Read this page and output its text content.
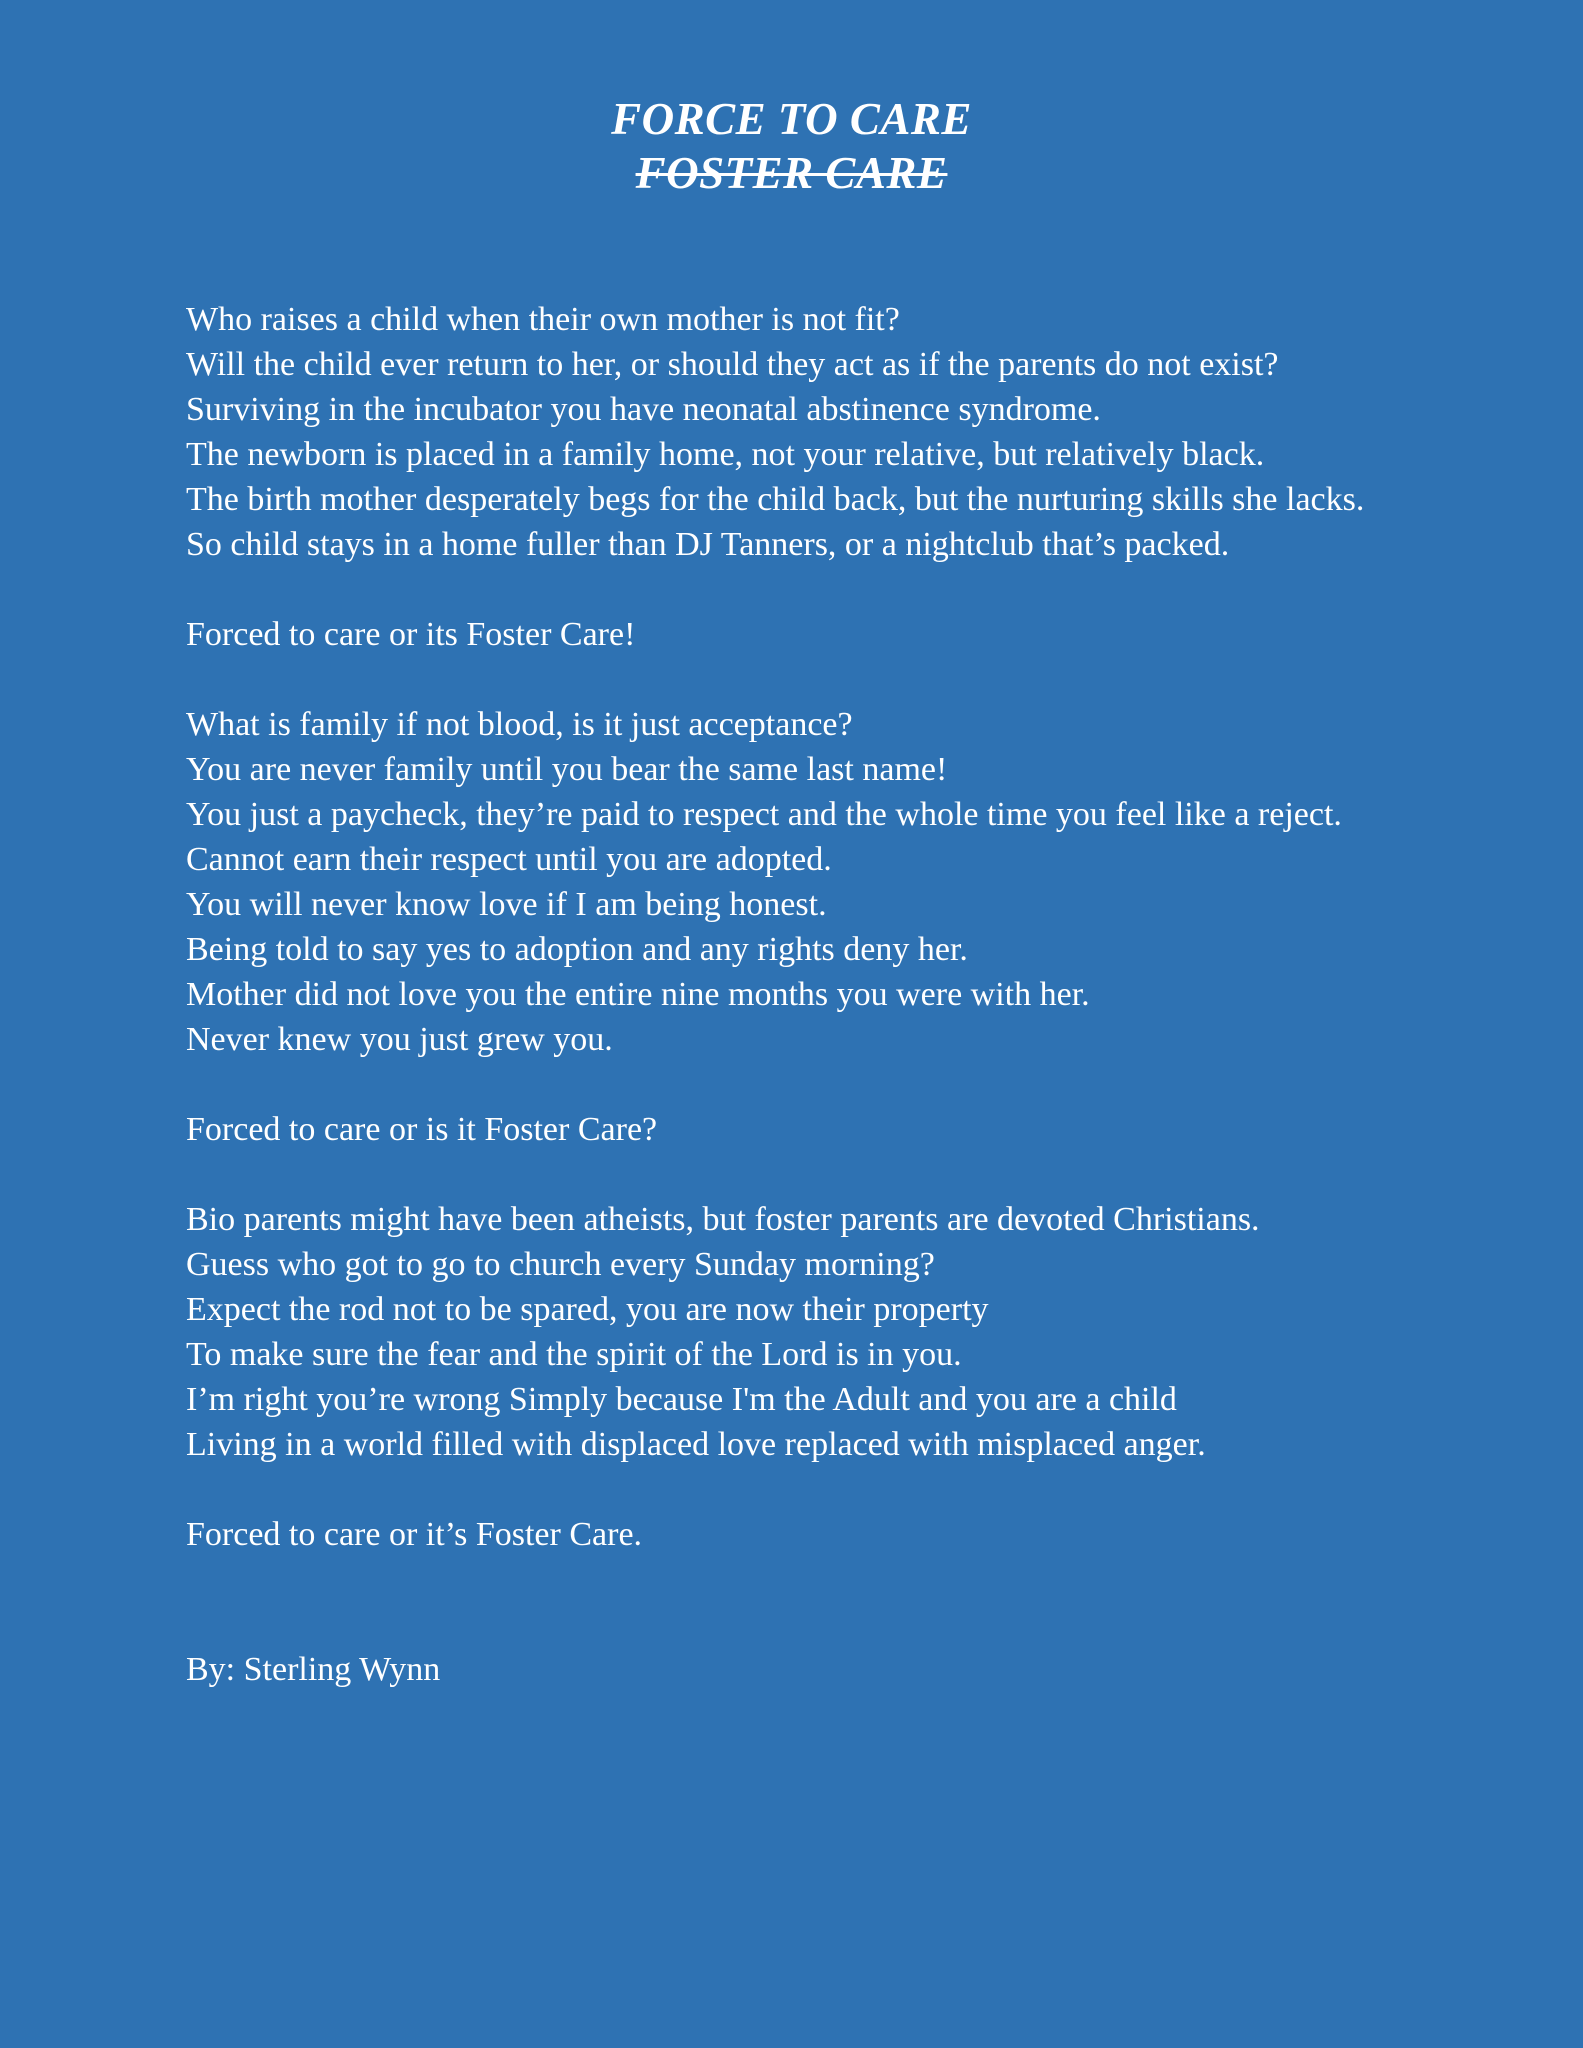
FORCE TO CARE
FOSTER CARE

Who raises a child when their own mother is not fit?

Will the child ever return to her, or should they act as if the parents do not exist?

Surviving in the incubator you have neonatal abstinence syndrome.

The newborn is placed in a family home, not your relative, but relatively black.

The birth mother desperately begs for the child back, but the nurturing skills she lacks.

So child stays in a home fuller than DJ Tanners, or a nightclub that’s packed.

Forced to care or its Foster Care!

What is family if not blood, is it just acceptance?

You are never family until you bear the same last name!

You just a paycheck, they’re paid to respect and the whole time you feel like a reject.

Cannot earn their respect until you are adopted.

You will never know love if I am being honest.

Being told to say yes to adoption and any rights deny her.

Mother did not love you the entire nine months you were with her.

Never knew you just grew you.

Forced to care or is it Foster Care?

Bio parents might have been atheists, but foster parents are devoted Christians.

Guess who got to go to church every Sunday morning?

Expect the rod not to be spared, you are now their property

To make sure the fear and the spirit of the Lord is in you.

I’m right you’re wrong Simply because I'm the Adult and you are a child

Living in a world filled with displaced love replaced with misplaced anger.

Forced to care or it’s Foster Care.

By: Sterling Wynn
